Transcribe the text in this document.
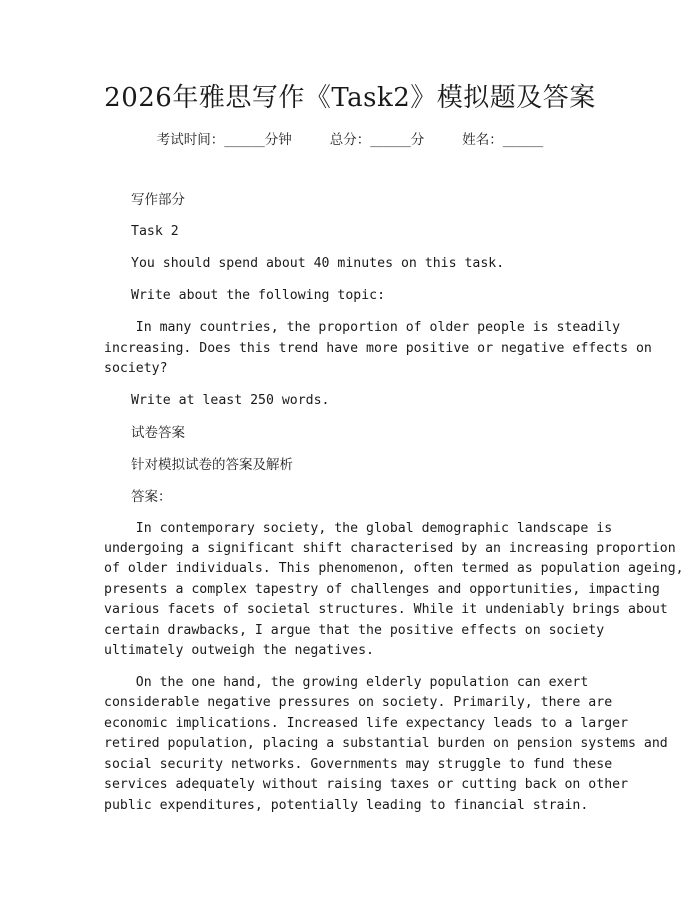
2026年雅思写作《Task2》模拟题及答案
考试时间：______分钟	总分：______分	姓名：______
写作部分
Task 2
You should spend about 40 minutes on this task.
Write about the following topic:
In many countries, the proportion of older people is steadily
increasing. Does this trend have more positive or negative effects on
society?
Write at least 250 words.
试卷答案
针对模拟试卷的答案及解析
答案：
In contemporary society, the global demographic landscape is
undergoing a significant shift characterised by an increasing proportion
of older individuals. This phenomenon, often termed as population ageing,
presents a complex tapestry of challenges and opportunities, impacting
various facets of societal structures. While it undeniably brings about
certain drawbacks, I argue that the positive effects on society
ultimately outweigh the negatives.
On the one hand, the growing elderly population can exert
considerable negative pressures on society. Primarily, there are
economic implications. Increased life expectancy leads to a larger
retired population, placing a substantial burden on pension systems and
social security networks. Governments may struggle to fund these
services adequately without raising taxes or cutting back on other
public expenditures, potentially leading to financial strain.
